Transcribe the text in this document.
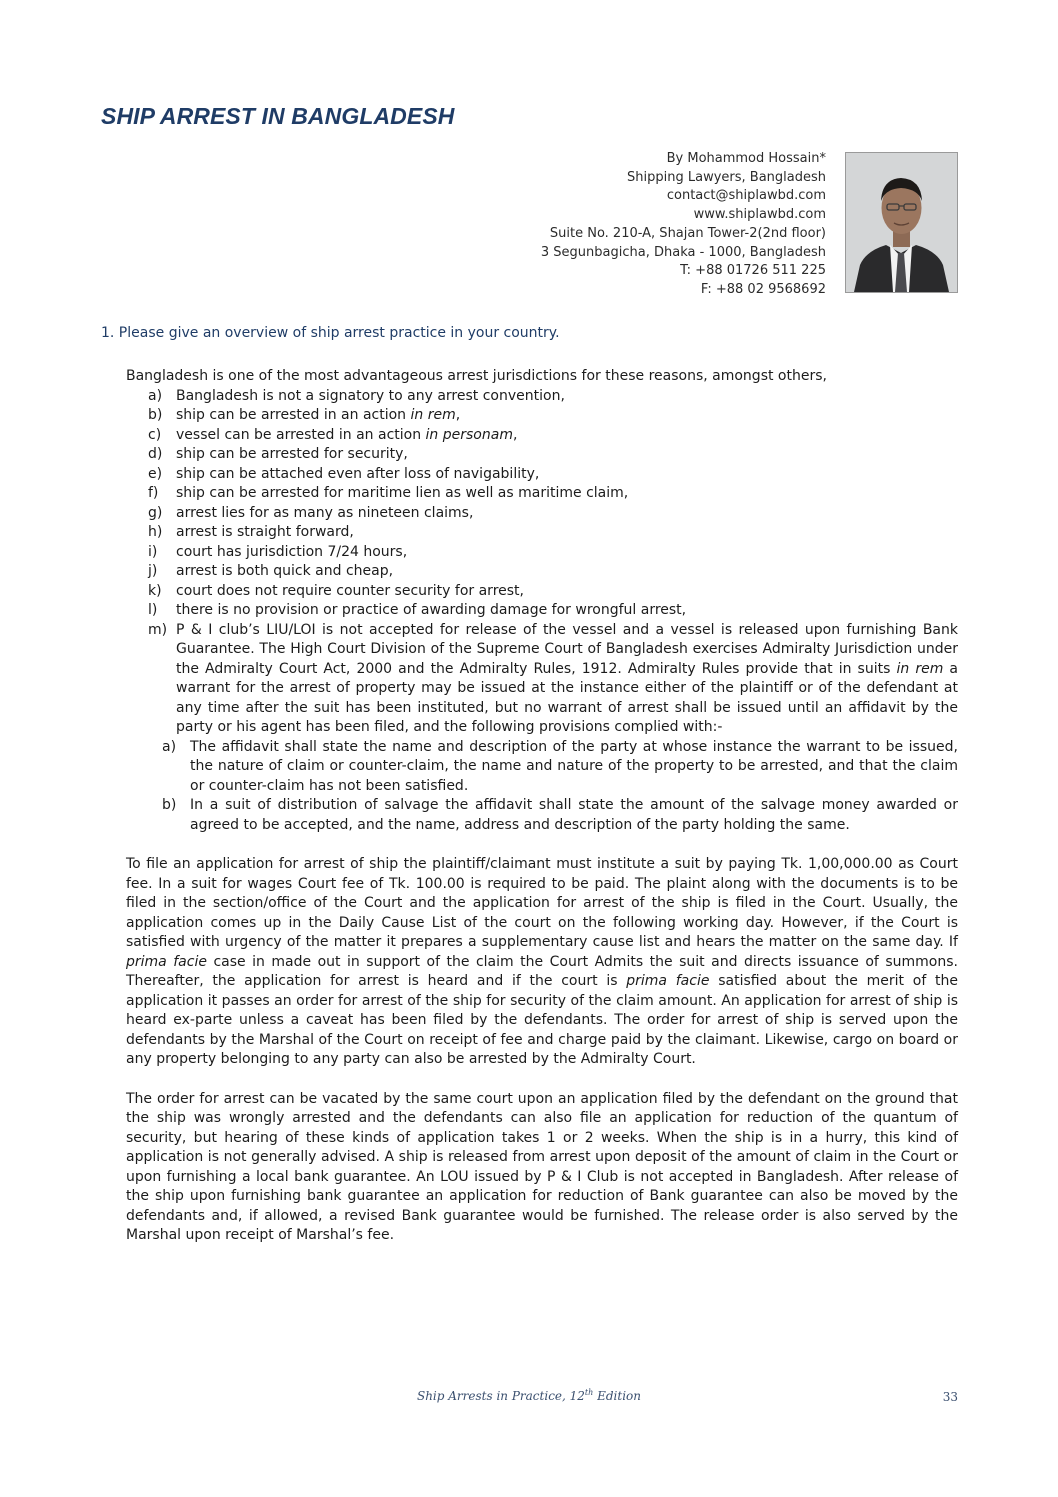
SHIP ARREST IN BANGLADESH
By Mohammod Hossain*
Shipping Lawyers, Bangladesh
contact@shiplawbd.com
www.shiplawbd.com
Suite No. 210-A, Shajan Tower-2(2nd floor)
3 Segunbagicha, Dhaka - 1000, Bangladesh
T: +88 01726 511 225
F: +88 02 9568692
1. Please give an overview of ship arrest practice in your country.

Bangladesh is one of the most advantageous arrest jurisdictions for these reasons, amongst others,

a) Bangladesh is not a signatory to any arrest convention,
b) ship can be arrested in an action in rem,
c)	vessel can be arrested in an action in personam,
d) ship can be arrested for security,
e) ship can be attached even after loss of navigability,
f)	ship can be arrested for maritime lien as well as maritime claim,
g) arrest lies for as many as nineteen claims,
h) arrest is straight forward,
i)	court has jurisdiction 7/24 hours,
j)	arrest is both quick and cheap,
k)	court does not require counter security for arrest,
l)	there is no provision or practice of awarding damage for wrongful arrest,
m) P & I club’s LIU/LOI is not accepted for release of the vessel and a vessel is released upon furnishing Bank Guarantee. The High Court Division of the Supreme Court of Bangladesh exercises Admiralty Jurisdiction under the Admiralty Court Act, 2000 and the Admiralty Rules, 1912. Admiralty Rules provide that in suits in rem a warrant for the arrest of property may be issued at the instance either of the plaintiff or of the defendant at any time after the suit has been instituted, but no warrant of arrest shall be issued until an affidavit by the party or his agent has been filed, and the following provisions complied with:-
a) The affidavit shall state the name and description of the party at whose instance the warrant to be issued, the nature of claim or counter-claim, the name and nature of the property to be arrested, and that the claim or counter-claim has not been satisfied.
b) In a suit of distribution of salvage the affidavit shall state the amount of the salvage money awarded or agreed to be accepted, and the name, address and description of the party holding the same.

To file an application for arrest of ship the plaintiff/claimant must institute a suit by paying Tk. 1,00,000.00 as Court fee. In a suit for wages Court fee of Tk. 100.00 is required to be paid. The plaint along with the documents is to be filed in the section/office of the Court and the application for arrest of the ship is filed in the Court. Usually, the application comes up in the Daily Cause List of the court on the following working day. However, if the Court is satisfied with urgency of the matter it prepares a supplementary cause list and hears the matter on the same day. If prima facie case in made out in support of the claim the Court Admits the suit and directs issuance of summons. Thereafter, the application for arrest is heard and if the court is prima facie satisfied about the merit of the application it passes an order for arrest of the ship for security of the claim amount. An application for arrest of ship is heard ex-parte unless a caveat has been filed by the defendants. The order for arrest of ship is served upon the defendants by the Marshal of the Court on receipt of fee and charge paid by the claimant. Likewise, cargo on board or any property belonging to any party can also be arrested by the Admiralty Court.

The order for arrest can be vacated by the same court upon an application filed by the defendant on the ground that the ship was wrongly arrested and the defendants can also file an application for reduction of the quantum of security, but hearing of these kinds of application takes 1 or 2 weeks. When the ship is in a hurry, this kind of application is not generally advised. A ship is released from arrest upon deposit of the amount of claim in the Court or upon furnishing a local bank guarantee. An LOU issued by P & I Club is not accepted in Bangladesh. After release of the ship upon furnishing bank guarantee an application for reduction of Bank guarantee can also be moved by the defendants and, if allowed, a revised Bank guarantee would be furnished. The release order is also served by the Marshal upon receipt of Marshal’s fee.

Ship Arrests in Practice, 12th Edition	33
